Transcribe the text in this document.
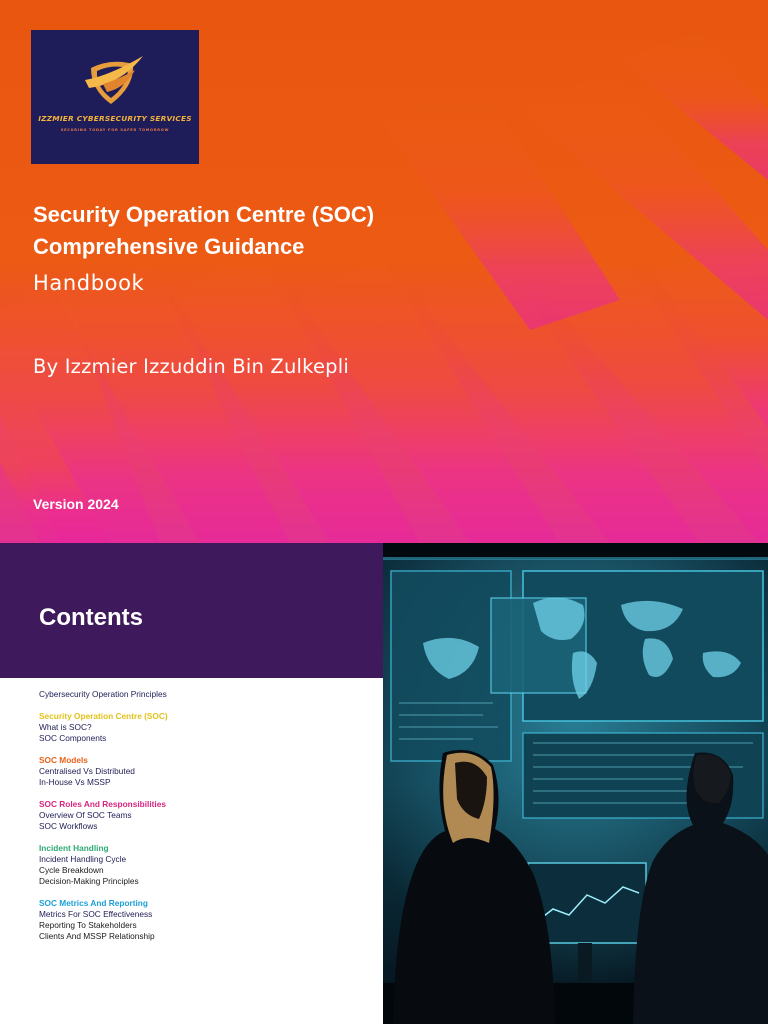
IZZMIER CYBERSECURITY SERVICES
SECURING TODAY FOR SAFER TOMORROW
Security Operation Centre (SOC)
Comprehensive Guidance
Handbook
By Izzmier Izzuddin Bin Zulkepli
Version 2024
Contents
Cybersecurity Operation Principles
Security Operation Centre (SOC)
What is SOC?
SOC Components
SOC Models
Centralised Vs Distributed
In-House Vs MSSP
SOC Roles And Responsibilities
Overview Of SOC Teams
SOC Workflows
Incident Handling
Incident Handling Cycle
Cycle Breakdown
Decision-Making Principles
SOC Metrics And Reporting
Metrics For SOC Effectiveness
Reporting To Stakeholders
Clients And MSSP Relationship
